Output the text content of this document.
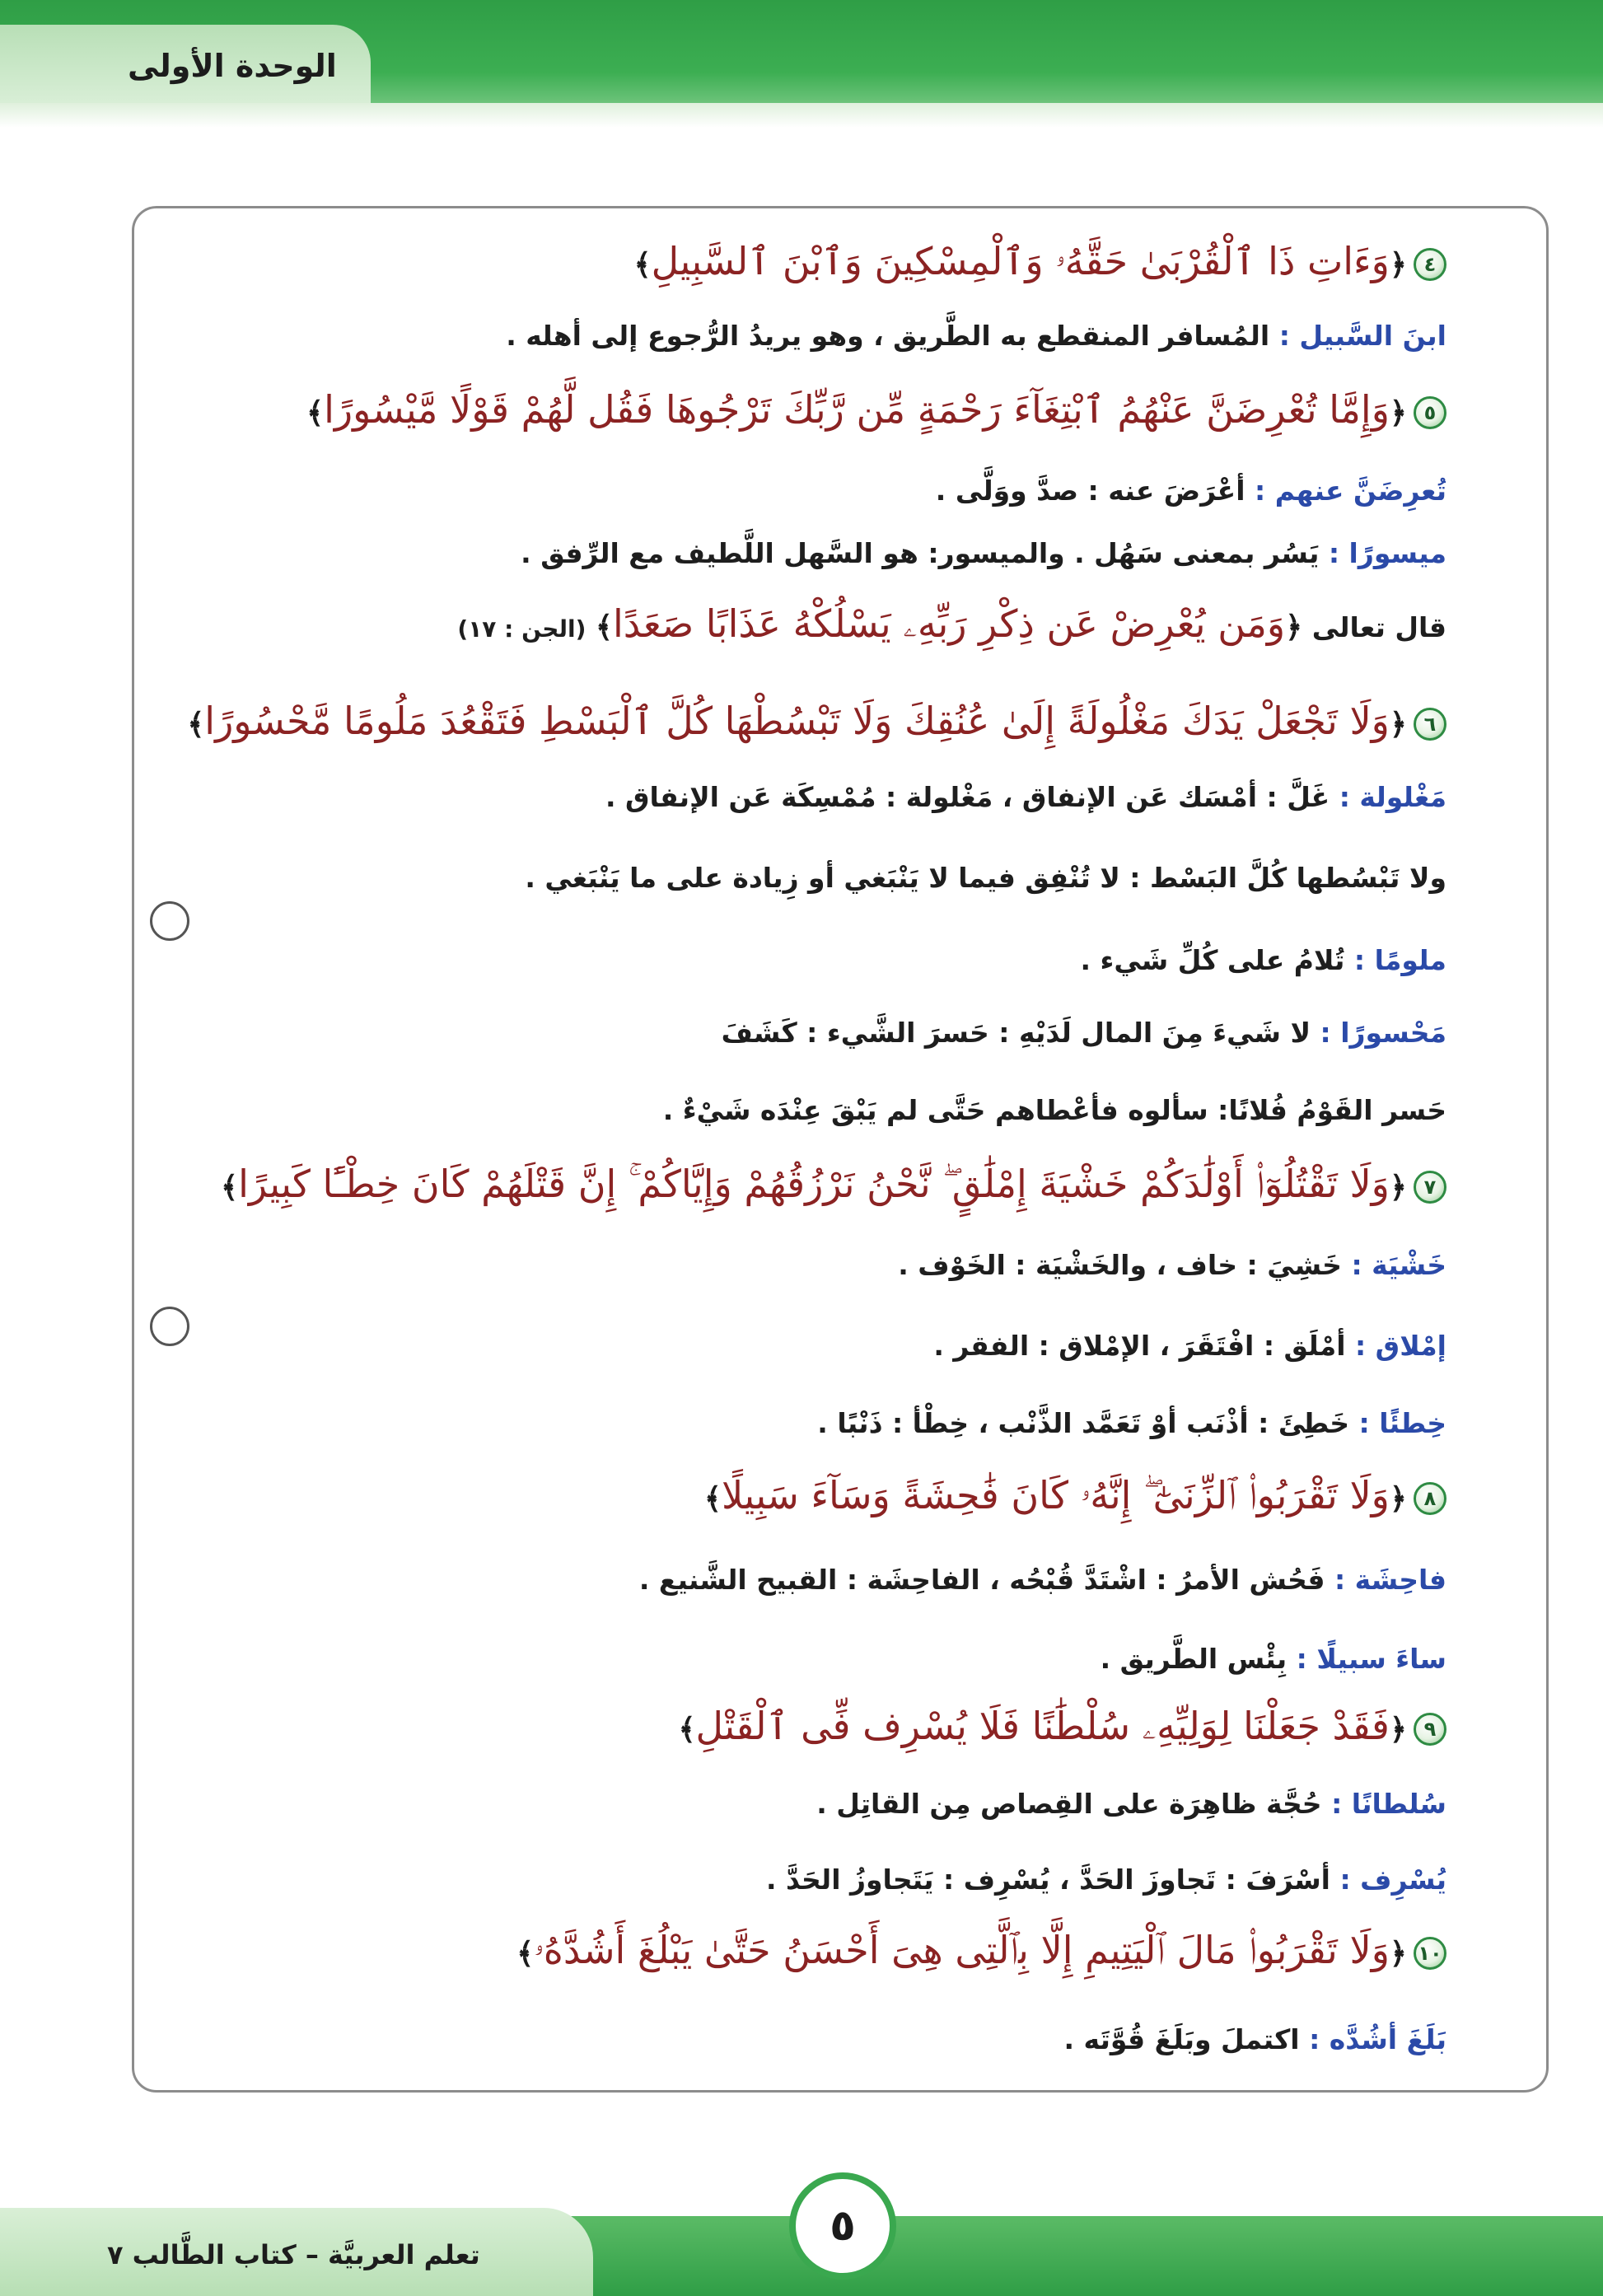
الوحدة الأولى
٤﴿وَءَاتِ ذَا ٱلْقُرْبَىٰ حَقَّهُۥ وَٱلْمِسْكِينَ وَٱبْنَ ٱلسَّبِيلِ﴾
ابنَ السَّبيل : المُسافر المنقطع به الطَّريق ، وهو يريدُ الرُّجوع إلى أهله .
٥﴿وَإِمَّا تُعْرِضَنَّ عَنْهُمُ ٱبْتِغَآءَ رَحْمَةٍ مِّن رَّبِّكَ تَرْجُوهَا فَقُل لَّهُمْ قَوْلًا مَّيْسُورًا﴾
تُعرِضَنَّ عنهم : أعْرَضَ عنه : صدَّ ووَلَّى .
ميسورًا : يَسُر بمعنى سَهُل . والميسور: هو السَّهل اللَّطيف مع الرِّفق .
قال تعالى ﴿وَمَن يُعْرِضْ عَن ذِكْرِ رَبِّهِۦ يَسْلُكْهُ عَذَابًا صَعَدًا﴾ (الجن : ١٧)
٦﴿وَلَا تَجْعَلْ يَدَكَ مَغْلُولَةً إِلَىٰ عُنُقِكَ وَلَا تَبْسُطْهَا كُلَّ ٱلْبَسْطِ فَتَقْعُدَ مَلُومًا مَّحْسُورًا﴾
مَغْلولة : غَلَّ : أمْسَك عَن الإنفاق ، مَغْلولة : مُمْسِكَة عَن الإنفاق .
ولا تَبْسُطها كُلَّ البَسْط : لا تُنْفِق فيما لا يَنْبَغي أو زِيادة على ما يَنْبَغي .
ملومًا : تُلامُ على كُلِّ شَيء .
مَحْسورًا : لا شَيءَ مِنَ المال لَدَيْهِ : حَسرَ الشَّيء : كَشَفَ
حَسر القَوْمُ فُلانًا: سألوه فأعْطاهم حَتَّى لم يَبْقَ عِنْدَه شَيْءٌ .
٧﴿وَلَا تَقْتُلُوٓا۟ أَوْلَٰدَكُمْ خَشْيَةَ إِمْلَٰقٍ ۖ نَّحْنُ نَرْزُقُهُمْ وَإِيَّاكُمْ ۚ إِنَّ قَتْلَهُمْ كَانَ خِطْـًٔا كَبِيرًا﴾
خَشْيَة : خَشِيَ : خاف ، والخَشْيَة : الخَوْف .
إمْلاق : أمْلَق : افْتَقَرَ ، الإمْلاق : الفقر .
خِطئًا : خَطِئَ : أذْنَب أوْ تَعَمَّد الذَّنْب ، خِطْأ : ذَنْبًا .
٨﴿وَلَا تَقْرَبُوا۟ ٱلزِّنَىٰٓ ۖ إِنَّهُۥ كَانَ فَٰحِشَةً وَسَآءَ سَبِيلًا﴾
فاحِشَة : فَحُش الأمرُ : اشْتَدَّ قُبْحُه ، الفاحِشَة : القبيح الشَّنيع .
ساءَ سبيلًا : بِئْس الطَّريق .
٩﴿فَقَدْ جَعَلْنَا لِوَلِيِّهِۦ سُلْطَٰنًا فَلَا يُسْرِف فِّى ٱلْقَتْلِ﴾
سُلطانًا : حُجَّة ظاهِرَة على القِصاص مِن القاتِل .
يُسْرِف : أسْرَفَ : تَجاوزَ الحَدَّ ، يُسْرِف : يَتَجاوزُ الحَدَّ .
١٠﴿وَلَا تَقْرَبُوا۟ مَالَ ٱلْيَتِيمِ إِلَّا بِٱلَّتِى هِىَ أَحْسَنُ حَتَّىٰ يَبْلُغَ أَشُدَّهُۥ﴾
بَلَغَ أشُدَّه : اكتملَ وبَلَغَ قُوَّتَه .
تعلم العربيَّة – كتاب الطَّالب ٧
٥
